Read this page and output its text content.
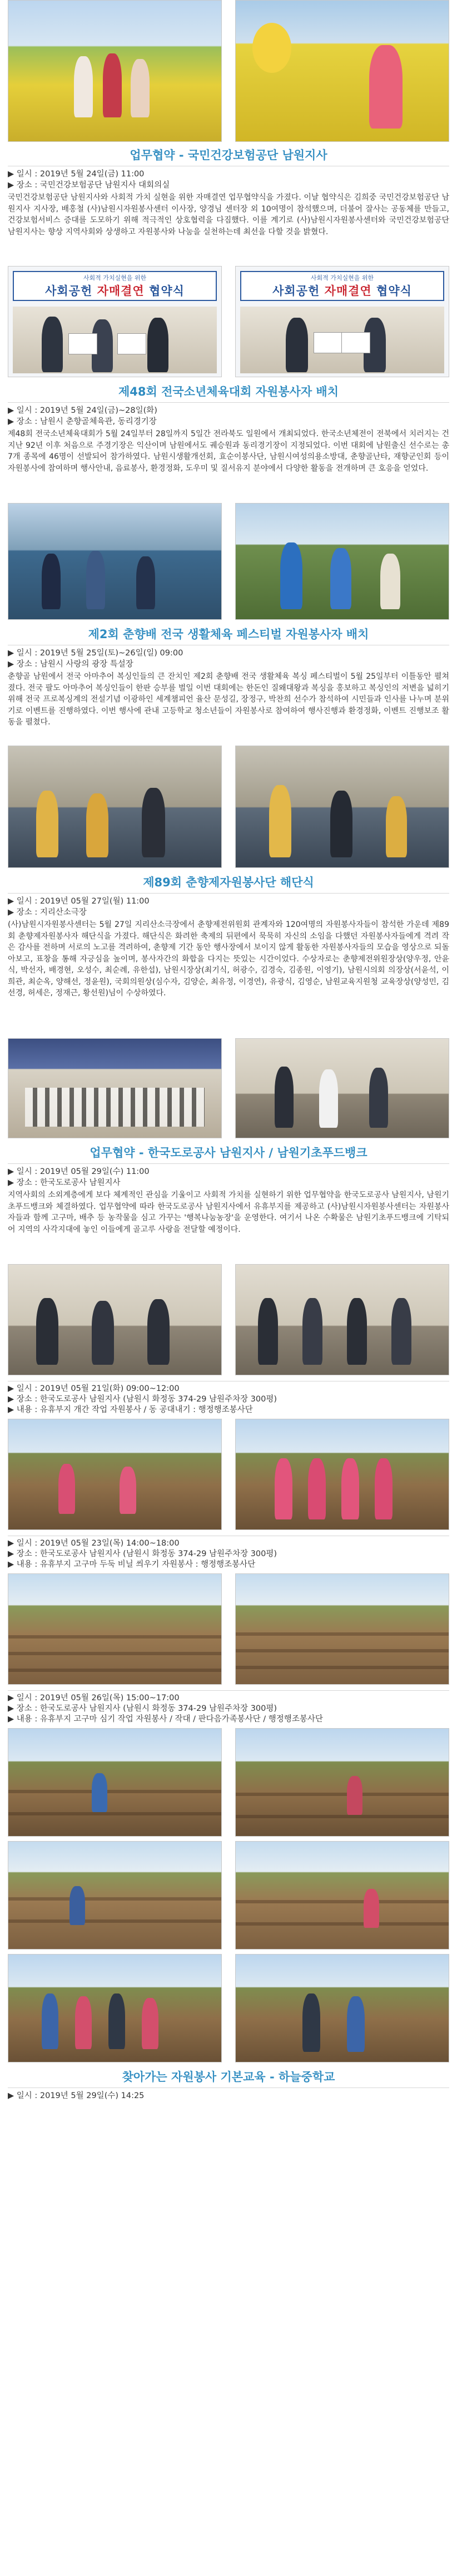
업무협약 - 국민건강보험공단 남원지사
▶ 일시 : 2019년 5월 24일(금) 11:00
▶ 장소 : 국민건강보험공단 남원지사 대회의실
국민건강보험공단 남원지사와 사회적 가치 실현을 위한 자매결연 업무협약식을 가졌다. 이날 협약식은 김희중 국민건강보험공단 남원지사 지사장, 배홍철 (사)남원시자원봉사센터 이사장, 양경님 센터장 외 10여명이 참석했으며, 더불어 잘사는 공동체를 만들고, 건강보험서비스 증대를 도모하기 위해 적극적인 상호협력을 다짐했다. 이를 계기로 (사)남원시자원봉사센터와 국민건강보험공단 남원지사는 향상 지역사회와 상생하고 자원봉사와 나눔을 실천하는데 최선을 다할 것을 밝혔다.
사회적 가치실현을 위한
사회공헌 자매결연 협약식
사회적 가치실현을 위한
사회공헌 자매결연 협약식
제48회 전국소년체육대회 자원봉사자 배치
▶ 일시 : 2019년 5월 24일(금)~28일(화)
▶ 장소 : 남원시 춘향골체육관, 동리경기장
제48회 전국소년체육대회가 5월 24일부터 28일까지 5일간 전라북도 일원에서 개최되었다. 한국소년체전이 전북에서 치러지는 건 지난 92년 이후 처음으로 주경기장은 익산이며 남원에서도 궤승원과 동리경기장이 지정되었다. 이번 대회에 남원출신 선수로는 총7개 종목에 46명이 선발되어 참가하였다. 남원시생활개선회, 효순이봉사단, 남원시여성의용소방대, 춘향골난타, 재향군인회 등이 자원봉사에 참여하며 행사안내, 음료봉사, 환경정화, 도우미 및 질서유지 분야에서 다양한 활동을 전개하며 큰 호응을 얻었다.
제2회 춘향배 전국 생활체육 페스티벌 자원봉사자 배치
▶ 일시 : 2019년 5월 25일(토)~26일(일) 09:00
▶ 장소 : 남원시 사랑의 광장 특설장
춘향골 남원에서 전국 아마추어 복싱인들의 큰 잔치인 제2회 춘향배 전국 생활체육 복싱 페스티벌이 5월 25일부터 이틀동안 펼쳐졌다. 전국 팔도 아마추어 복싱인들이 한판 승부를 벌일 이번 대회에는 한돈인 질왜대왕과 복싱을 홍보하고 복싱인의 저변을 넓히기 위해 전국 프로복싱계의 전설기념 이광하인 세계챔피언 율산 문성길, 장정구, 박찬희 선수가 참석하여 시민들과 인사를 나누며 분위기로 이벤트를 진행하였다. 이번 행사에 관내 고등학교 청소년들이 자원봉사로 참여하여 행사진행과 환경정화, 이벤트 진행보조 활동을 펼쳤다.
제89회 춘향제자원봉사단 해단식
▶ 일시 : 2019년 05월 27일(월) 11:00
▶ 장소 : 지리산소극장
(사)남원시자원봉사센터는 5월 27일 지리산소극장에서 춘향제전위원회 관계자와 120여명의 자원봉사자들이 참석한 가운데 제89회 춘향제자원봉사자 해단식을 가졌다. 해단식은 화려한 축제의 뒤편에서 묵묵히 자신의 소임을 다했던 자원봉사자들에게 격려 작은 감사를 전하며 서로의 노고를 격려하여, 춘향제 기간 동안 행사장에서 보이지 않게 활동한 자원봉사자들의 모습을 영상으로 되돌아보고, 표창을 통해 자긍심을 높이며, 봉사자간의 화합을 다지는 뜻있는 시간이었다. 수상자로는 춘향제전위원장상(양우정, 안윤식, 박선자, 배경현, 오성수, 최순례, 유한섭), 남원시장상(최기식, 허광수, 김경숙, 김종원, 이영기), 남원시의회 의장상(서윤석, 이희관, 최순옥, 양해선, 정윤원), 국회의원상(심수자, 김양순, 최유정, 이경연), 유광식, 김영순, 남원교육지원청 교육장상(양성민, 김선경, 허세은, 정재근, 황선원)님이 수상하였다.
업무협약 - 한국도로공사 남원지사 / 남원기초푸드뱅크
▶ 일시 : 2019년 05월 29일(수) 11:00
▶ 장소 : 한국도로공사 남원지사
지역사회의 소외계층에게 보다 체계적인 관심을 기울이고 사회적 가치를 실현하기 위한 업무협약을 한국도로공사 남원지사, 남원기초푸드뱅크와 체결하였다. 업무협약에 따라 한국도로공사 남원지사에서 유휴부지를 제공하고 (사)남원시자원봉사센터는 자원봉사자들과 함께 고구마, 배추 등 농작물을 심고 가꾸는 '행복나눔농장'을 운영한다. 여기서 나온 수확물은 남원기초푸드뱅크에 기탁되어 지역의 사각지대에 놓인 이들에게 골고루 사랑을 전달할 예정이다.
▶ 일시 : 2019년 05월 21일(화) 09:00~12:00
▶ 장소 : 한국도로공사 남원지사 (남원시 화정동 374-29 남원주차장 300평)
▶ 내용 : 유휴부지 개간 작업 자원봉사 / 동 공대내기 : 행정행조봉사단
▶ 일시 : 2019년 05월 23일(목) 14:00~18:00
▶ 장소 : 한국도로공사 남원지사 (남원시 화정동 374-29 남원주차장 300평)
▶ 내용 : 유휴부지 고구마 두둑 비닐 씌우기 자원봉사 : 행정행조봉사단
▶ 일시 : 2019년 05월 26일(목) 15:00~17:00
▶ 장소 : 한국도로공사 남원지사 (남원시 화정동 374-29 남원주차장 300평)
▶ 내용 : 유휴부지 고구마 심기 작업 자원봉사 / 작대 / 판다음가족봉사단 / 행정행조봉사단
찾아가는 자원봉사 기본교육 - 하늘중학교
▶ 일시 : 2019년 5월 29일(수) 14:25
